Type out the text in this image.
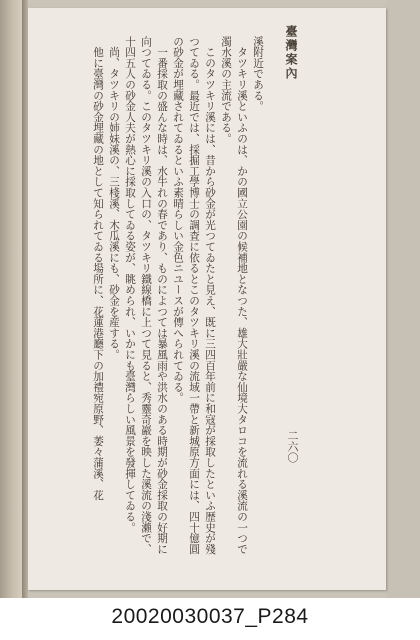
臺灣案內
二六〇

溪附近である。
　タツキリ溪といふのは、かの國立公園の候補地となつた、雄大壯嚴な仙境大タロコを流れる溪流の一つで濁水溪の主流である。
　このタツキリ溪には、昔から砂金が光つてゐたと見え、既に三四百年前に和寇が採取したといふ歴史が殘つてゐる。最近では、採掘工學博士の調査に依るとこのタツキリ溪の流域一帶と新城原方面には、四十億圓の砂金が埋藏されてゐるといふ素晴らしい金色ニユースが傳へられてゐる。
　一番採取の盛んな時は、水牛れの春であり、ものによつては暴風雨や洪水のある時期が砂金採取の好期に向つてゐる。このタツキリ溪の入口の、タツキリ鐵線橋に上つて見ると、秀靈奇巖を映した溪流の淺瀨で、十四五人の砂金人夫が熱心に採取してゐる姿が、眺められ、いかにも臺灣らしい風景を發揮してゐる。
　尚、タツキリの姉妹溪の、三棧溪、木瓜溪にも、砂金を産する。
　他に臺灣の砂金埋藏の地として知られてゐる場所に、花蓮港廳下の加禮宛原野、萎々蒲溪、花

20020030037_P284
